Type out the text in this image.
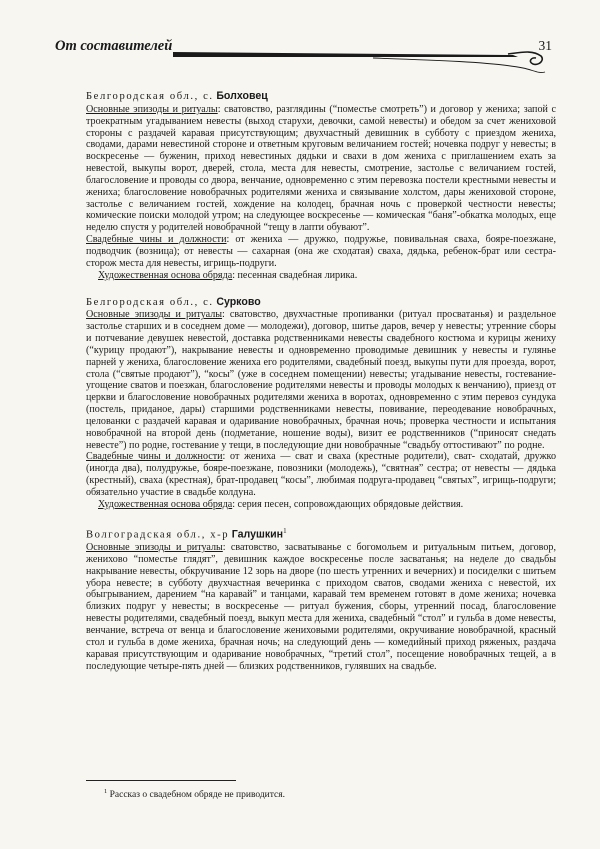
От составителей	31
Белгородская обл., с. Болховец

Основные эпизоды и ритуалы: сватовство, разглядины (“поместье смотреть”) и договор у жениха; запой с троекратным угадыванием невесты (выход старухи, девочки, самой невесты) и обедом за счет жениховой стороны с раздачей каравая присутствующим; двухчастный девишник в субботу с приездом жениха, сводами, дарами невестиной стороне и ответным круговым величанием гостей; ночевка подруг у невесты; в воскресенье — буженин, приход невестиных дядьки и свахи в дом жениха с приглашением ехать за невестой, выкупы ворот, дверей, стола, места для невесты, смотрение, застолье с величанием гостей, благословение и проводы со двора, венчание, одновременно с этим перевозка постели крестными невесты и жениха; благословение новобрачных родителями жениха и связывание холстом, дары жениховой стороне, застолье с величанием гостей, хождение на колодец, брачная ночь с проверкой честности невесты; комические поиски молодой утром; на следующее воскресенье — комическая “баня”-обкатка молодых, еще неделю спустя у родителей новобрачной “тещу в лапти обувают”.

Свадебные чины и должности: от жениха — дружко, подружье, повивальная сваха, бояре-поезжане, подводчик (возница); от невесты — сахарная (она же сходатая) сваха, дядька, ребенок-брат или сестра-сторож места для невесты, игрищь-подруги.

Художественная основа обряда: песенная свадебная лирика.

Белгородская обл., с. Сурково

Основные эпизоды и ритуалы: сватовство, двухчастные пропиванки (ритуал просватанья) и раздельное застолье старших и в соседнем доме — молодежи), договор, шитье даров, вечер у невесты; утренние сборы и потчевание девушек невестой, доставка родственниками невесты свадебного костюма и курицы жениху (“курицу продают”), накрывание невесты и одновременно проводимые девишник у невесты и гулянье парней у жениха, благословение жениха его родителями, свадебный поезд, выкупы пути для проезда, ворот, стола (“святые продают”), “косы” (уже в соседнем помещении) невесты; угадывание невесты, гостевание-угощение сватов и поезжан, благословение родителями невесты и проводы молодых к венчанию), приезд от церкви и благословение новобрачных родителями жениха в воротах, одновременно с этим перевоз сундука (постель, приданое, дары) старшими родственниками невесты, повивание, переодевание новобрачных, целованки с раздачей каравая и одаривание новобрачных, брачная ночь; проверка честности и испытания новобрачной на второй день (подметание, ношение воды), визит ее родственников (“приносят снедать невесте”) по родне, гостевание у тещи, в последующие дни новобрачные “свадьбу оттостивают” по родне.

Свадебные чины и должности: от жениха — сват и сваха (крестные родители), сват- сходатай, дружко (иногда два), полудружье, бояре-поезжане, повозники (молодежь), “святная” сестра; от невесты — дядька (крестный), сваха (крестная), брат-продавец “косы”, любимая подруга-продавец “святых”, игрищь-подруги; обязательно участие в свадьбе колдуна.

Художественная основа обряда: серия песен, сопровождающих обрядовые действия.

Волгоградская обл., х-р Галушкин$^1$

Основные эпизоды и ритуалы: сватовство, засватыванье с богомольем и ритуальным питьем, договор, жениховo “поместье глядят”, девишник каждое воскресенье после засватанья; на неделе до свадьбы накрывание невесты, обкручивание 12 зорь на дворе (по шесть утренних и вечерних) и посиделки с шитьем убора невесте; в субботу двухчастная вечеринка с приходом сватов, сводами жениха с невестой, их обыгрыванием, дарением “на каравай” и танцами, каравай тем временем готовят в доме жениха; ночевка близких подруг у невесты; в воскресенье — ритуал бужения, сборы, утренний посад, благословение невесты родителями, свадебный поезд, выкуп места для жениха, свадебный “стол” и гульба в доме невесты, венчание, встреча от венца и благословение жениховыми родителями, окручивание новобрачной, красный стол и гульба в доме жениха, брачная ночь; на следующий день — комедийный приход ряженых, раздача каравая присутствующим и одаривание новобрачных, “третий стол”, посещение новобрачных тещей, а в последующие четыре-пять дней — близких родственников, гулявших на свадьбе.

$^1$ Рассказ о свадебном обряде не приводится.
